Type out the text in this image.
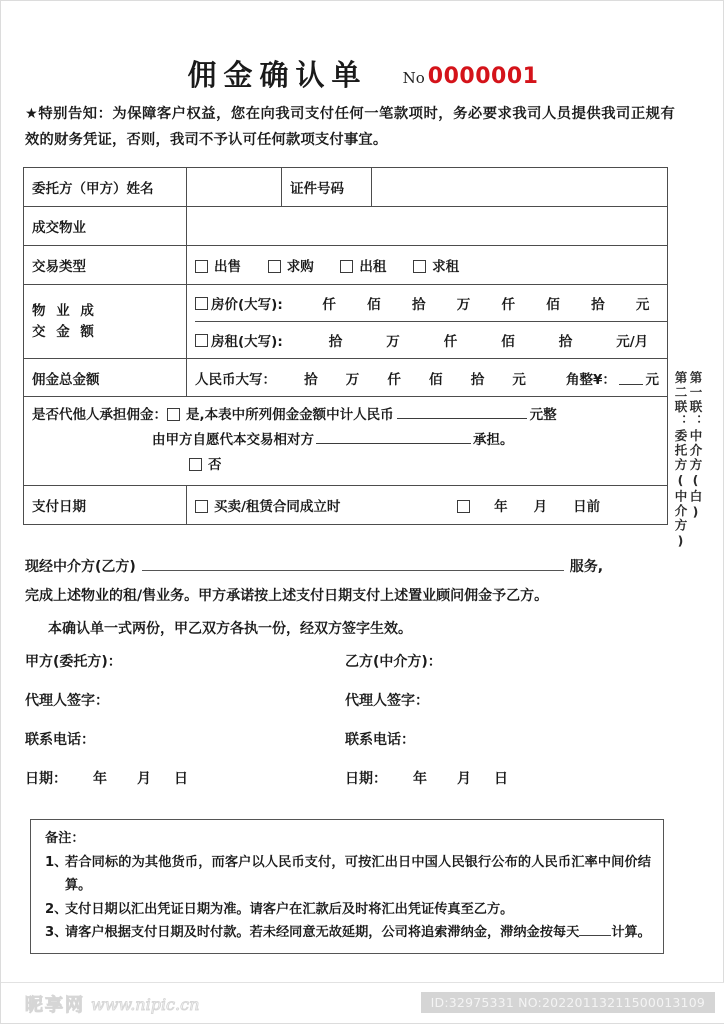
佣金确认单 No 0000001
★特别告知：为保障客户权益，您在向我司支付任何一笔款项时，务必要求我司人员提供我司正规有效的财务凭证，否则，我司不予认可任何款项支付事宜。
委托方（甲方）姓名		证件号码	
成交物业	
交易类型	出售	求购	出租	求租
物 业 成
交 金 额	
房价(大写):	仟 佰 拾 万 仟 佰 拾 元

房租(大写):	拾	万	仟	佰	拾	元/月

佣金总金额	人民币大写： 拾 万 仟 佰 拾 元	角整¥： 元

是否代他人承担佣金： 是,本表中所列佣金金额中计人民币	元整
由甲方自愿代本交易相对方	承担。
否

支付日期	买卖/租赁合同成立时	年 月 日前
现经中介方(乙方)	服务,
完成上述物业的租/售业务。甲方承诺按上述支付日期支付上述置业顾问佣金予乙方。
本确认单一式两份，甲乙双方各执一份，经双方签字生效。
甲方(委托方)：	乙方(中介方)：
代理人签字：	代理人签字：
联系电话：	联系电话：
日期： 年 月 日	日期： 年 月 日
备注：
1、
若合同标的为其他货币，而客户以人民币支付，可按汇出日中国人民银行公布的人民币汇率中间价结算。
2、
支付日期以汇出凭证日期为准。请客户在汇款后及时将汇出凭证传真至乙方。
3、
请客户根据支付日期及时付款。若未经同意无故延期，公司将追索滞纳金，滞纳金按每天 计算。
第一联：中介方(白)
第二联：委托方(中介方)
昵享网 www.nipic.cn	ID:32975331 NO:20220113211500013109
